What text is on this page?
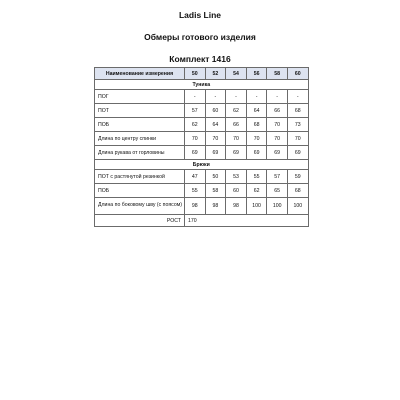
Ladis Line
Обмеры готового изделия
Комплект 1416
Наименование измерения	50	52	54	56	58	60
Туника						
ПОГ	-	-	-	-	-	-
ПОТ	57	60	62	64	66	68
ПОБ	62	64	66	68	70	73
Длина по центру спинки	70	70	70	70	70	70
Длина рукава от горловины	69	69	69	69	69	69
Брюки						
ПОТ с растянутой резинкой	47	50	53	55	57	59
ПОБ	55	58	60	62	65	68
Длина по боковому шву (с поясом)	98	98	98	100	100	100
РОСТ	170					
